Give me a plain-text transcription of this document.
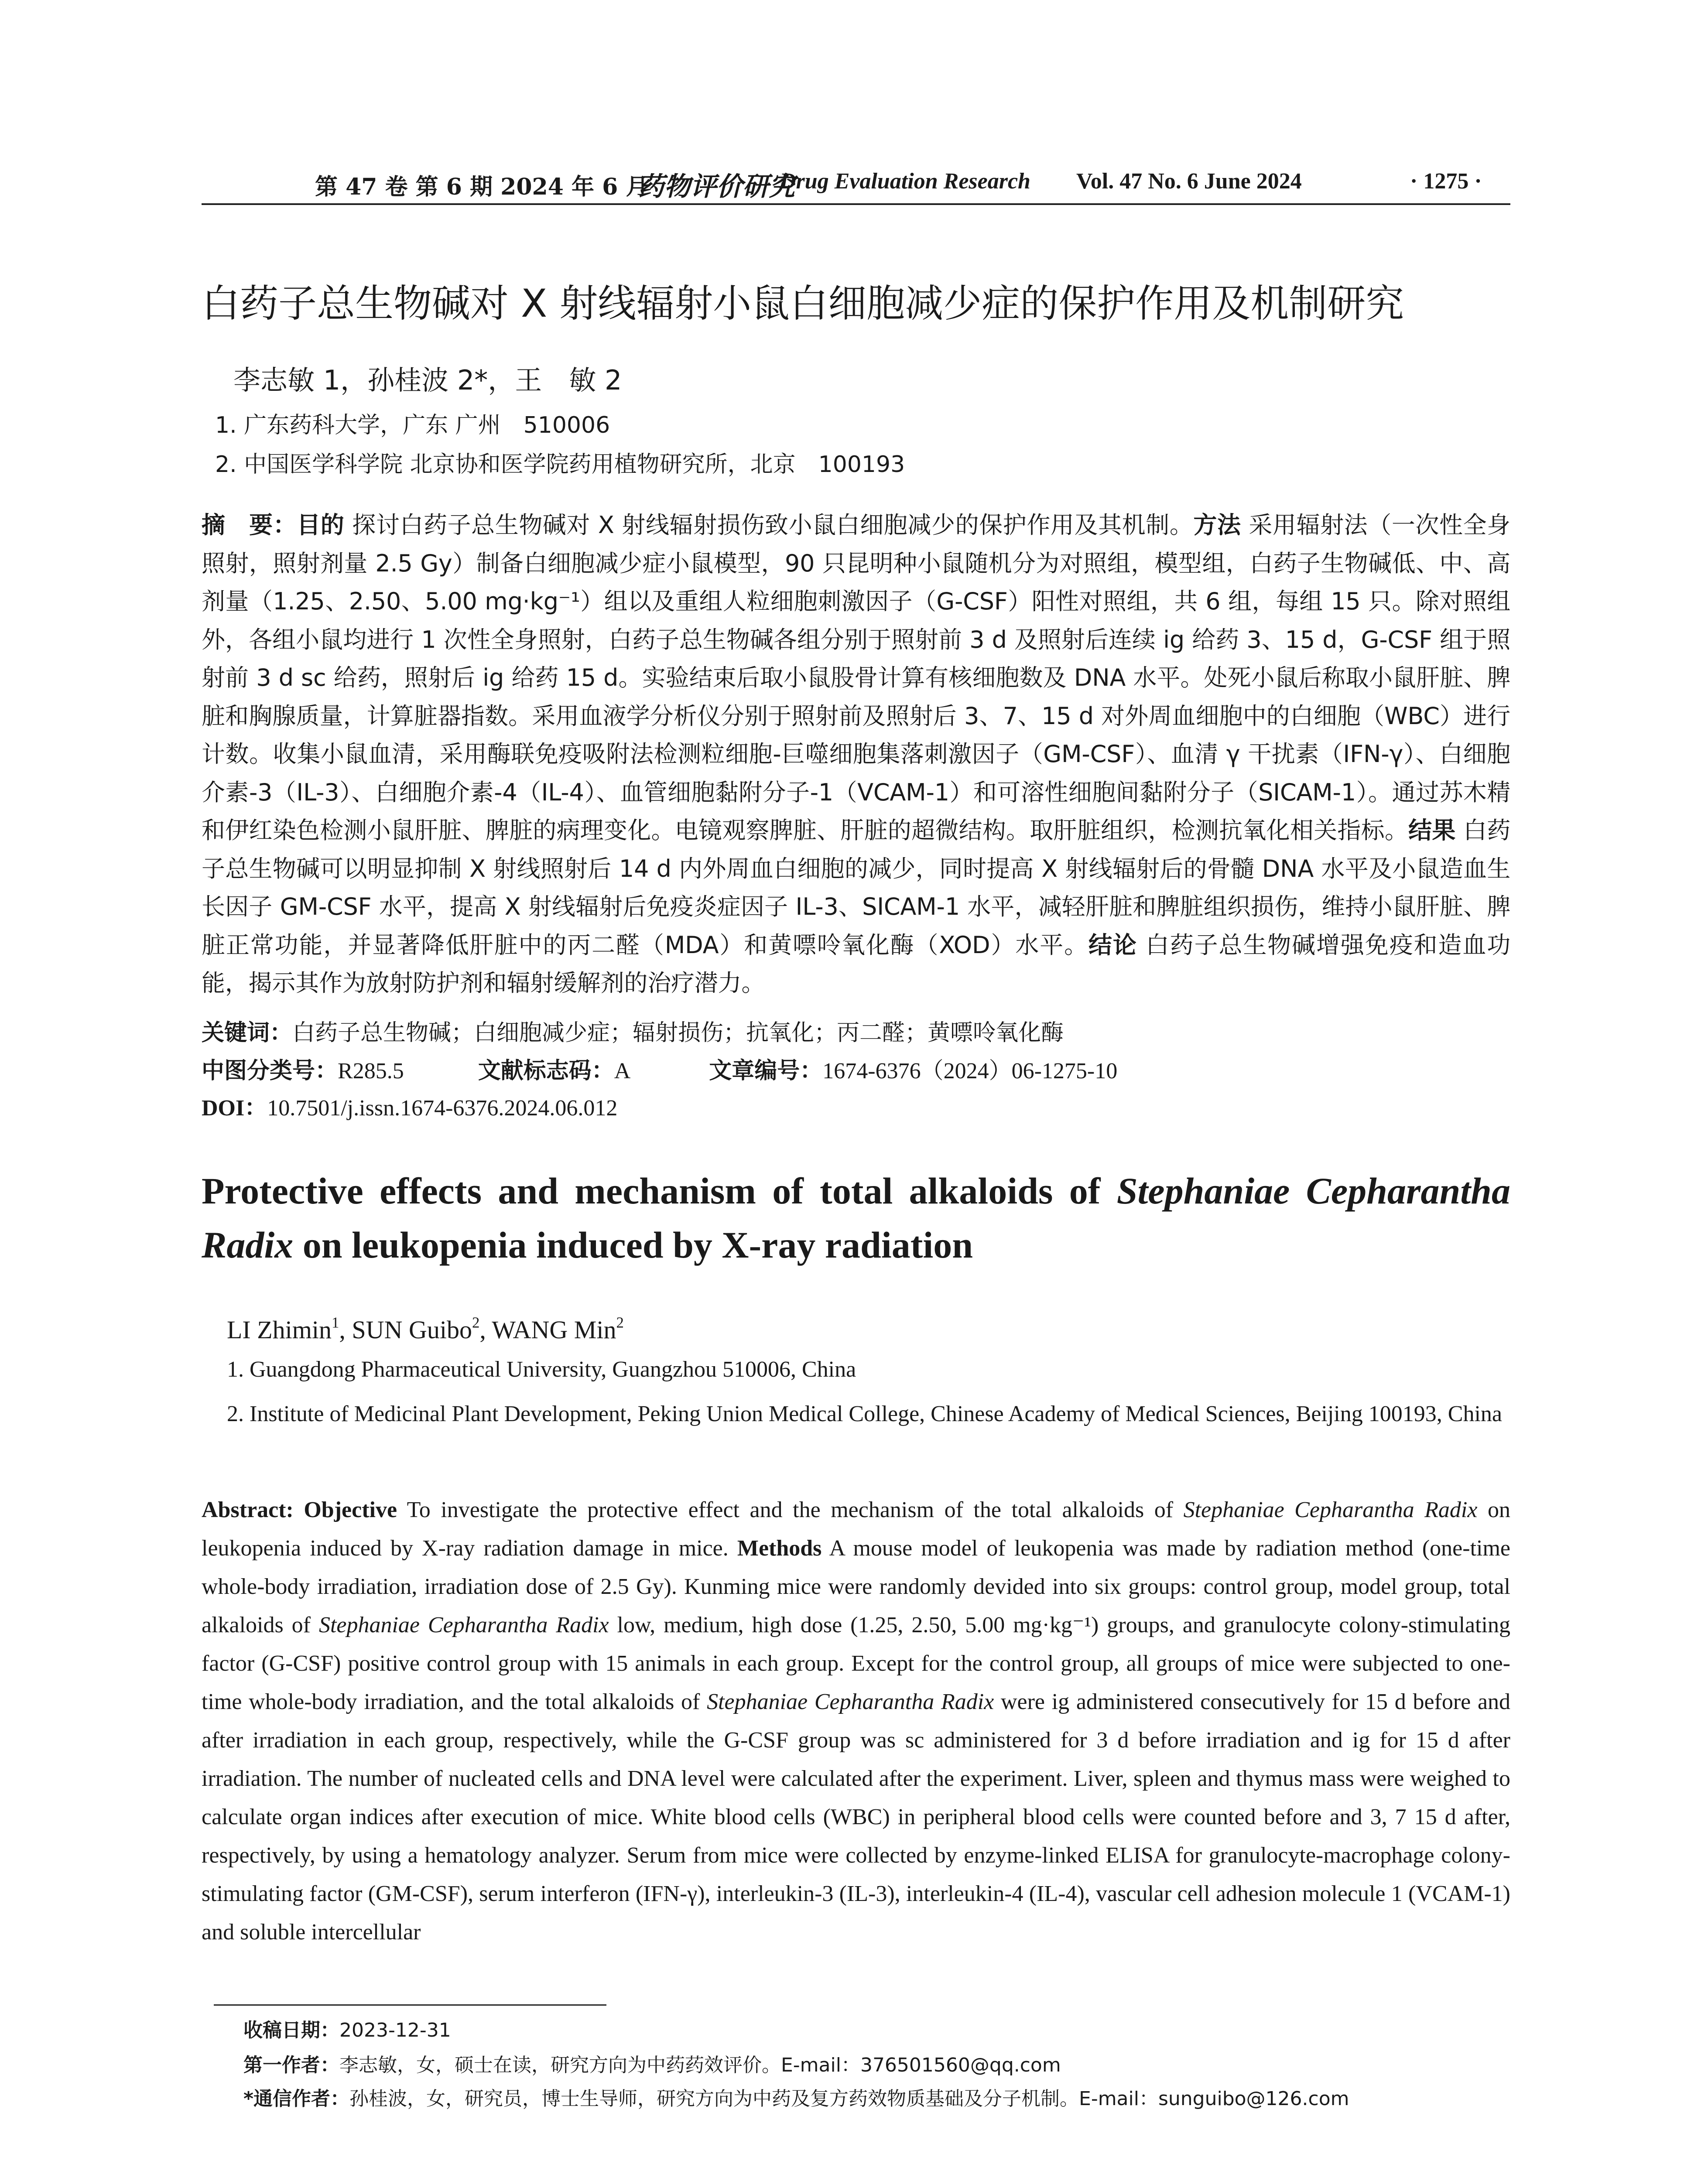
第 47 卷 第 6 期 2024 年 6 月
药物评价研究
Drug Evaluation Research Vol. 47 No. 6 June 2024	· 1275 ·
白药子总生物碱对 X 射线辐射小鼠白细胞减少症的保护作用及机制研究
李志敏 1，孙桂波 2*，王　敏 2
1. 广东药科大学，广东 广州　510006
2. 中国医学科学院 北京协和医学院药用植物研究所，北京　100193
摘　要：目的 探讨白药子总生物碱对 X 射线辐射损伤致小鼠白细胞减少的保护作用及其机制。方法 采用辐射法（一次性全身照射，照射剂量 2.5 Gy）制备白细胞减少症小鼠模型，90 只昆明种小鼠随机分为对照组，模型组，白药子生物碱低、中、高剂量（1.25、2.50、5.00 mg·kg⁻¹）组以及重组人粒细胞刺激因子（G-CSF）阳性对照组，共 6 组，每组 15 只。除对照组外，各组小鼠均进行 1 次性全身照射，白药子总生物碱各组分别于照射前 3 d 及照射后连续 ig 给药 3、15 d，G-CSF 组于照射前 3 d sc 给药，照射后 ig 给药 15 d。实验结束后取小鼠股骨计算有核细胞数及 DNA 水平。处死小鼠后称取小鼠肝脏、脾脏和胸腺质量，计算脏器指数。采用血液学分析仪分别于照射前及照射后 3、7、15 d 对外周血细胞中的白细胞（WBC）进行计数。收集小鼠血清，采用酶联免疫吸附法检测粒细胞-巨噬细胞集落刺激因子（GM-CSF）、血清 γ 干扰素（IFN-γ）、白细胞介素-3（IL-3）、白细胞介素-4（IL-4）、血管细胞黏附分子-1（VCAM-1）和可溶性细胞间黏附分子（SICAM-1）。通过苏木精和伊红染色检测小鼠肝脏、脾脏的病理变化。电镜观察脾脏、肝脏的超微结构。取肝脏组织，检测抗氧化相关指标。结果 白药子总生物碱可以明显抑制 X 射线照射后 14 d 内外周血白细胞的减少，同时提高 X 射线辐射后的骨髓 DNA 水平及小鼠造血生长因子 GM-CSF 水平，提高 X 射线辐射后免疫炎症因子 IL-3、SICAM-1 水平，减轻肝脏和脾脏组织损伤，维持小鼠肝脏、脾脏正常功能，并显著降低肝脏中的丙二醛（MDA）和黄嘌呤氧化酶（XOD）水平。结论 白药子总生物碱增强免疫和造血功能，揭示其作为放射防护剂和辐射缓解剂的治疗潜力。
关键词：白药子总生物碱；白细胞减少症；辐射损伤；抗氧化；丙二醛；黄嘌呤氧化酶
中图分类号：R285.5	文献标志码：A	文章编号：1674-6376（2024）06-1275-10
DOI：10.7501/j.issn.1674-6376.2024.06.012
Protective effects and mechanism of total alkaloids of Stephaniae Cepharantha Radix on leukopenia induced by X-ray radiation
LI Zhimin$^1$, SUN Guibo$^2$, WANG Min$^2$
1. Guangdong Pharmaceutical University, Guangzhou 510006, China
2. Institute of Medicinal Plant Development, Peking Union Medical College, Chinese Academy of Medical Sciences, Beijing 100193, China
Abstract: Objective To investigate the protective effect and the mechanism of the total alkaloids of Stephaniae Cepharantha Radix on leukopenia induced by X-ray radiation damage in mice. Methods A mouse model of leukopenia was made by radiation method (one-time whole-body irradiation, irradiation dose of 2.5 Gy). Kunming mice were randomly devided into six groups: control group, model group, total alkaloids of Stephaniae Cepharantha Radix low, medium, high dose (1.25, 2.50, 5.00 mg·kg⁻¹) groups, and granulocyte colony-stimulating factor (G-CSF) positive control group with 15 animals in each group. Except for the control group, all groups of mice were subjected to one-time whole-body irradiation, and the total alkaloids of Stephaniae Cepharantha Radix were ig administered consecutively for 15 d before and after irradiation in each group, respectively, while the G-CSF group was sc administered for 3 d before irradiation and ig for 15 d after irradiation. The number of nucleated cells and DNA level were calculated after the experiment. Liver, spleen and thymus mass were weighed to calculate organ indices after execution of mice. White blood cells (WBC) in peripheral blood cells were counted before and 3, 7 15 d after, respectively, by using a hematology analyzer. Serum from mice were collected by enzyme-linked ELISA for granulocyte-macrophage colony-stimulating factor (GM-CSF), serum interferon (IFN-γ), interleukin-3 (IL-3), interleukin-4 (IL-4), vascular cell adhesion molecule 1 (VCAM-1) and soluble intercellular
收稿日期：2023-12-31
第一作者：李志敏，女，硕士在读，研究方向为中药药效评价。E-mail：376501560@qq.com
*通信作者：孙桂波，女，研究员，博士生导师，研究方向为中药及复方药效物质基础及分子机制。E-mail：sunguibo@126.com
